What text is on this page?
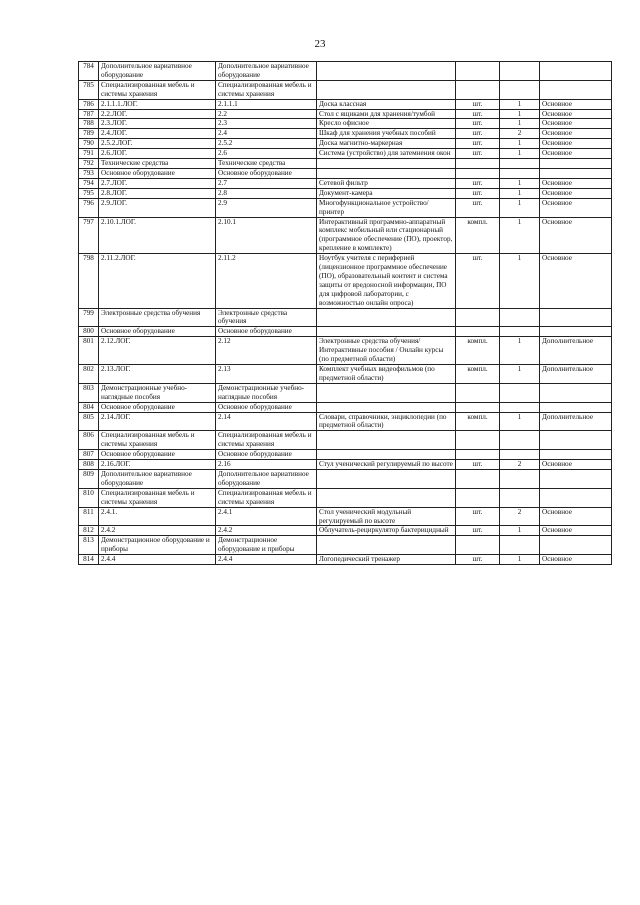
23
784	Дополнительное вариативное оборудование	Дополнительное вариативное оборудование				
785	Специализированная мебель и системы хранения	Специализированная мебель и системы хранения				
786	2.1.1.1.ЛОГ.	2.1.1.1	Доска классная	шт.	1	Основное
787	2.2.ЛОГ.	2.2	Стол с ящиками для хранения/тумбой	шт.	1	Основное
788	2.3.ЛОГ.	2.3	Кресло офисное	шт.	1	Основное
789	2.4.ЛОГ.	2.4	Шкаф для хранения учебных пособий	шт.	2	Основное
790	2.5.2.ЛОГ.	2.5.2	Доска магнитно-маркерная	шт.	1	Основное
791	2.6.ЛОГ.	2.6	Система (устройство) для затемнения окон	шт.	1	Основное
792	Технические средства	Технические средства				
793	Основное оборудование	Основное оборудование				
794	2.7.ЛОГ.	2.7	Сетевой фильтр	шт.	1	Основное
795	2.8.ЛОГ.	2.8	Документ-камера	шт.	1	Основное
796	2.9.ЛОГ.	2.9	Многофункциональное устройство/принтер	шт.	1	Основное
797	2.10.1.ЛОГ.	2.10.1	Интерактивный программно-аппаратный комплекс мобильный или стационарный (программное обеспечение (ПО), проектор, крепление в комплекте)	компл.	1	Основное
798	2.11.2.ЛОГ.	2.11.2	Ноутбук учителя с периферией (лицензионное программное обеспечение (ПО), образовательный контент и система защиты от вредоносной информации, ПО для цифровой лаборатории, с возможностью онлайн опроса)	шт.	1	Основное
799	Электронные средства обучения	Электронные средства обучения				
800	Основное оборудование	Основное оборудование				
801	2.12.ЛОГ.	2.12	Электронные средства обучения/Интерактивные пособия / Онлайн курсы (по предметной области)	компл.	1	Дополнительное
802	2.13.ЛОГ.	2.13	Комплект учебных видеофильмов (по предметной области)	компл.	1	Дополнительное
803	Демонстрационные учебно-наглядные пособия	Демонстрационные учебно-наглядные пособия				
804	Основное оборудование	Основное оборудование				
805	2.14.ЛОГ.	2.14	Словари, справочники, энциклопедии (по предметной области)	компл.	1	Дополнительное
806	Специализированная мебель и системы хранения	Специализированная мебель и системы хранения				
807	Основное оборудование	Основное оборудование				
808	2.16.ЛОГ.	2.16	Стул ученический регулируемый по высоте	шт.	2	Основное
809	Дополнительное вариативное оборудование	Дополнительное вариативное оборудование				
810	Специализированная мебель и системы хранения	Специализированная мебель и системы хранения				
811	2.4.1.	2.4.1	Стол ученический модульный регулируемый по высоте	шт.	2	Основное
812	2.4.2	2.4.2	Облучатель-рециркулятор бактерицидный	шт.	1	Основное
813	Демонстрационное оборудование и приборы	Демонстрационное оборудование и приборы				
814	2.4.4	2.4.4	Логопедический тренажер	шт.	1	Основное
